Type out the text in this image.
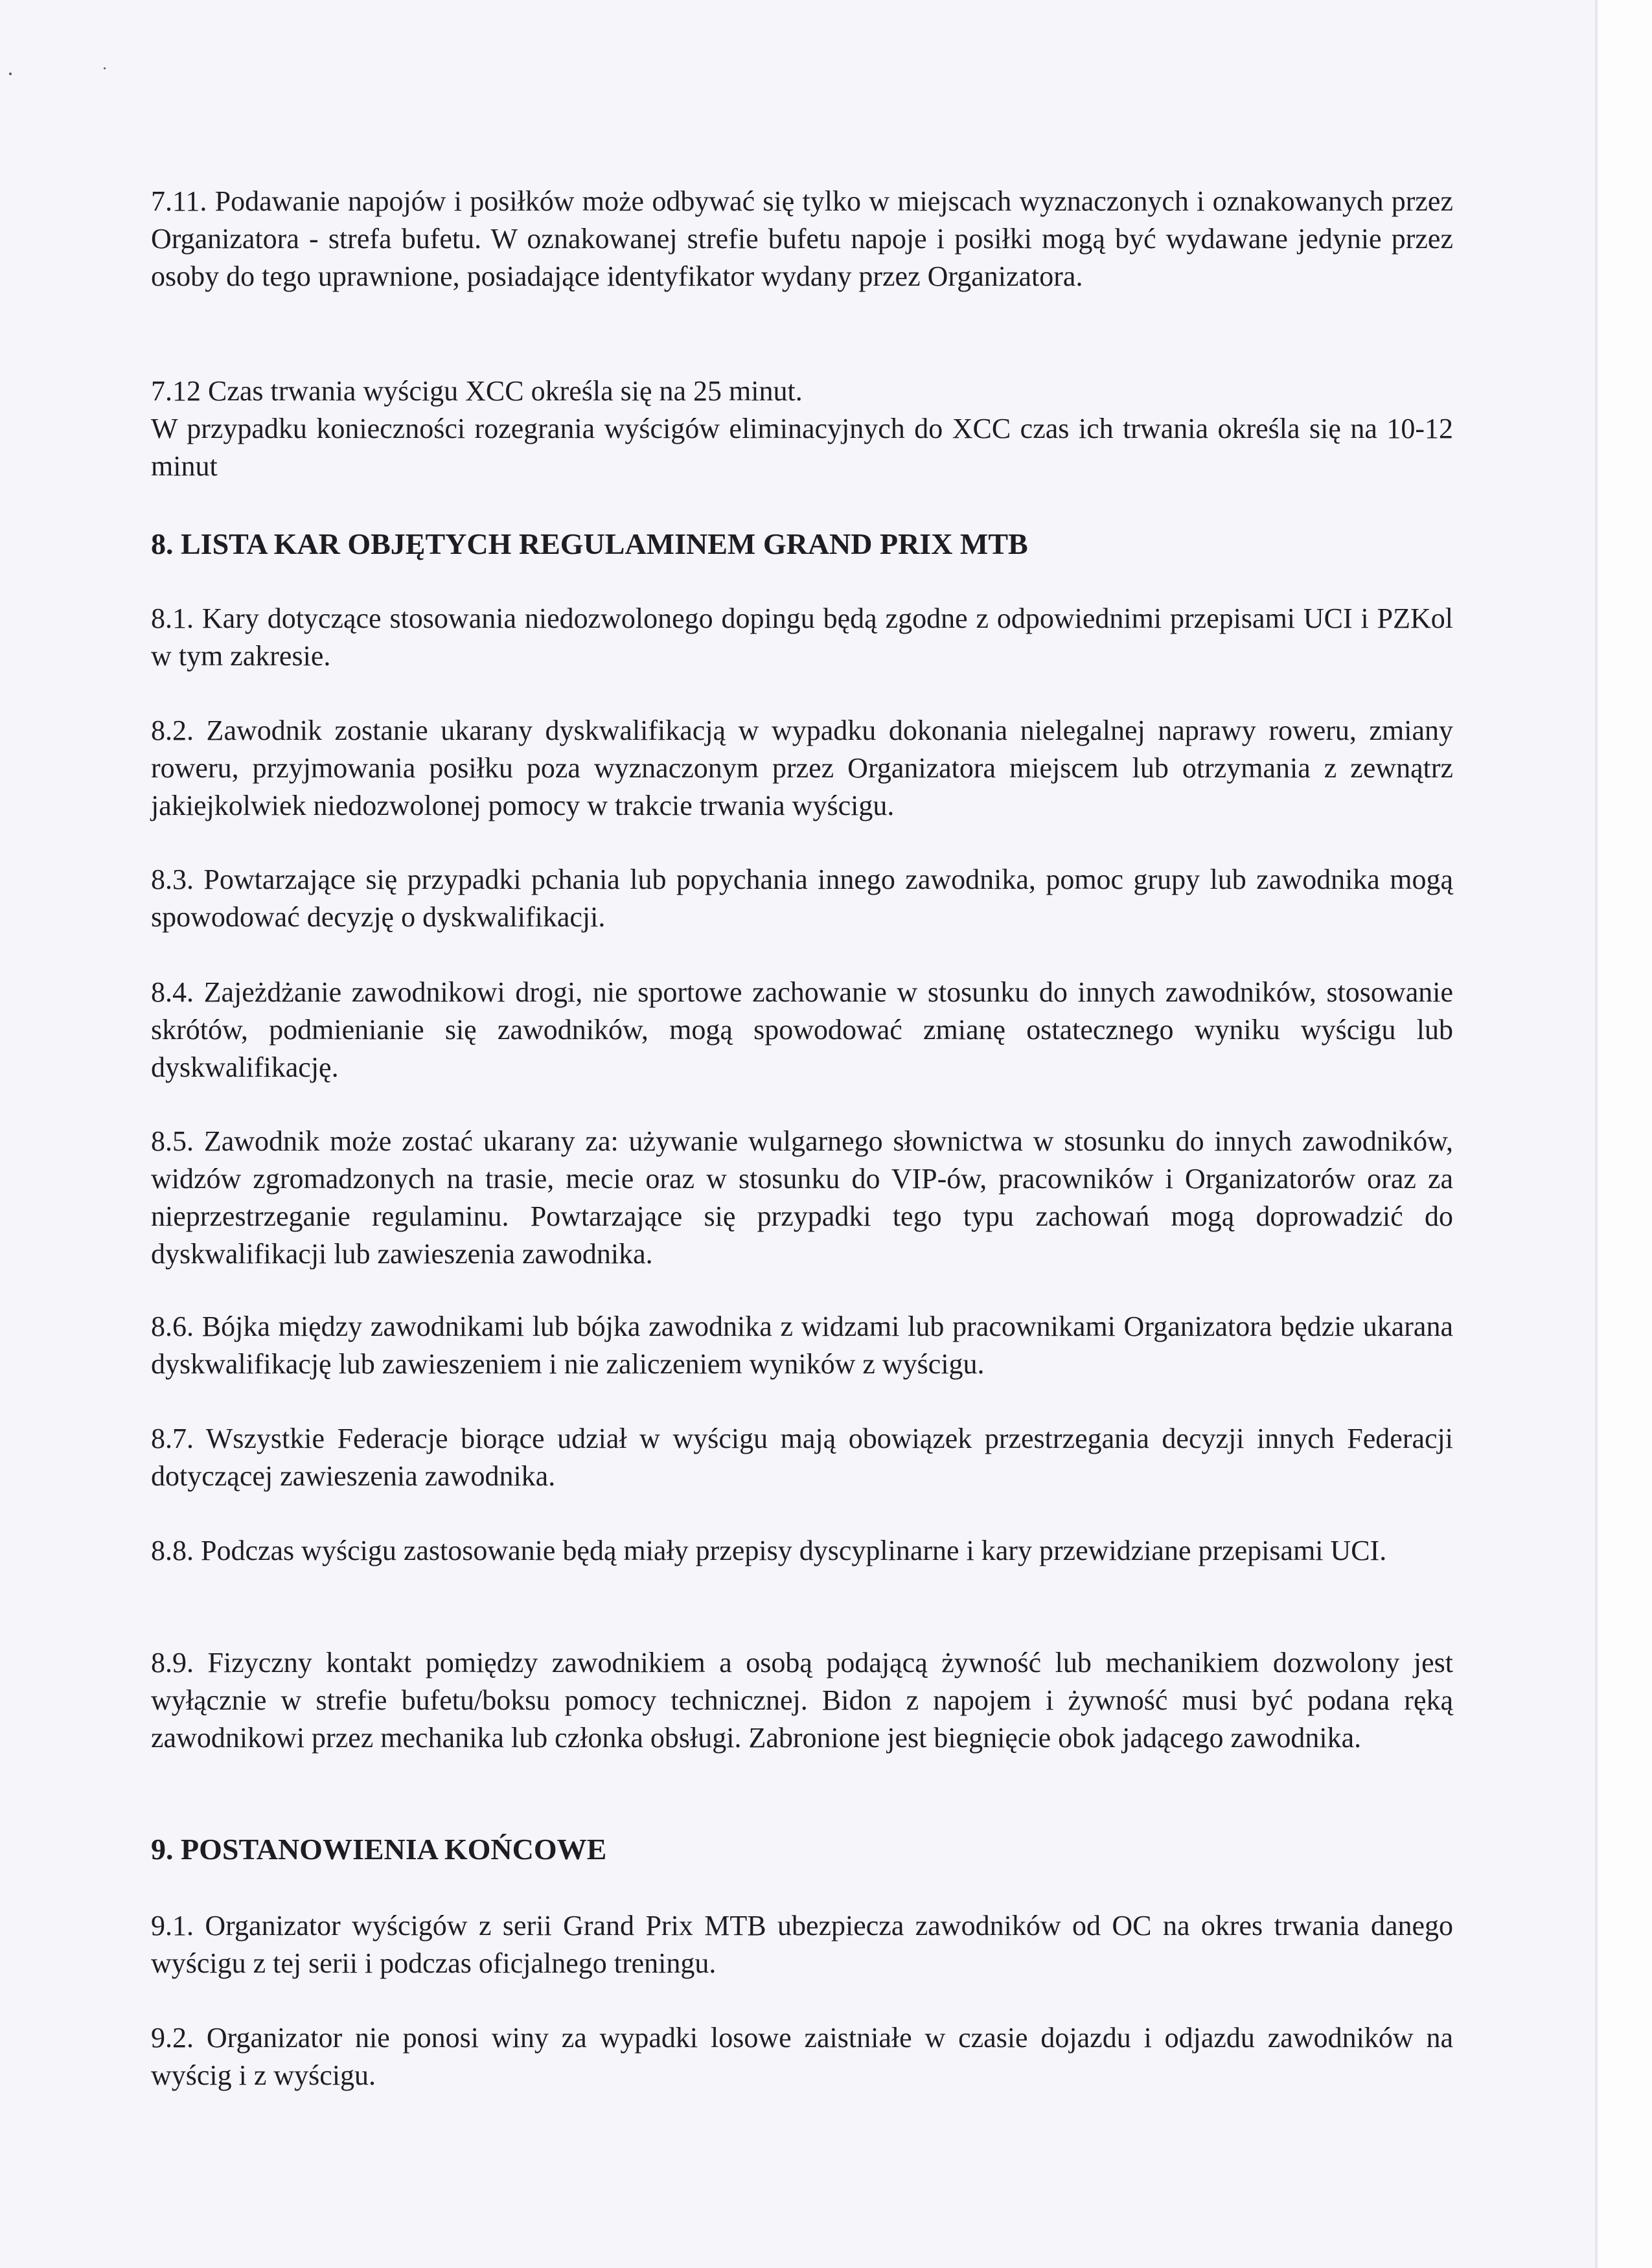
7.11. Podawanie napojów i posiłków może odbywać się tylko w miejscach wyznaczonych i oznakowanych przez Organizatora - strefa bufetu. W oznakowanej strefie bufetu napoje i posiłki mogą być wydawane jedynie przez osoby do tego uprawnione, posiadające identyfikator wydany przez Organizatora.

7.12 Czas trwania wyścigu XCC określa się na 25 minut.

W przypadku konieczności rozegrania wyścigów eliminacyjnych do XCC czas ich trwania określa się na 10-12 minut

8. LISTA KAR OBJĘTYCH REGULAMINEM GRAND PRIX MTB

8.1. Kary dotyczące stosowania niedozwolonego dopingu będą zgodne z odpowiednimi przepisami UCI i PZKol w tym zakresie.

8.2. Zawodnik zostanie ukarany dyskwalifikacją w wypadku dokonania nielegalnej naprawy roweru, zmiany roweru, przyjmowania posiłku poza wyznaczonym przez Organizatora miejscem lub otrzymania z zewnątrz jakiejkolwiek niedozwolonej pomocy w trakcie trwania wyścigu.

8.3. Powtarzające się przypadki pchania lub popychania innego zawodnika, pomoc grupy lub zawodnika mogą spowodować decyzję o dyskwalifikacji.

8.4. Zajeżdżanie zawodnikowi drogi, nie sportowe zachowanie w stosunku do innych zawodników, stosowanie skrótów, podmienianie się zawodników, mogą spowodować zmianę ostatecznego wyniku wyścigu lub dyskwalifikację.

8.5. Zawodnik może zostać ukarany za: używanie wulgarnego słownictwa w stosunku do innych zawodników, widzów zgromadzonych na trasie, mecie oraz w stosunku do VIP-ów, pracowników i Organizatorów oraz za nieprzestrzeganie regulaminu. Powtarzające się przypadki tego typu zachowań mogą doprowadzić do dyskwalifikacji lub zawieszenia zawodnika.

8.6. Bójka między zawodnikami lub bójka zawodnika z widzami lub pracownikami Organizatora będzie ukarana dyskwalifikację lub zawieszeniem i nie zaliczeniem wyników z wyścigu.

8.7. Wszystkie Federacje biorące udział w wyścigu mają obowiązek przestrzegania decyzji innych Federacji dotyczącej zawieszenia zawodnika.

8.8. Podczas wyścigu zastosowanie będą miały przepisy dyscyplinarne i kary przewidziane przepisami UCI.

8.9. Fizyczny kontakt pomiędzy zawodnikiem a osobą podającą żywność lub mechanikiem dozwolony jest wyłącznie w strefie bufetu/boksu pomocy technicznej. Bidon z napojem i żywność musi być podana ręką zawodnikowi przez mechanika lub członka obsługi. Zabronione jest biegnięcie obok jadącego zawodnika.

9. POSTANOWIENIA KOŃCOWE

9.1. Organizator wyścigów z serii Grand Prix MTB ubezpiecza zawodników od OC na okres trwania danego wyścigu z tej serii i podczas oficjalnego treningu.

9.2. Organizator nie ponosi winy za wypadki losowe zaistniałe w czasie dojazdu i odjazdu zawodników na wyścig i z wyścigu.
